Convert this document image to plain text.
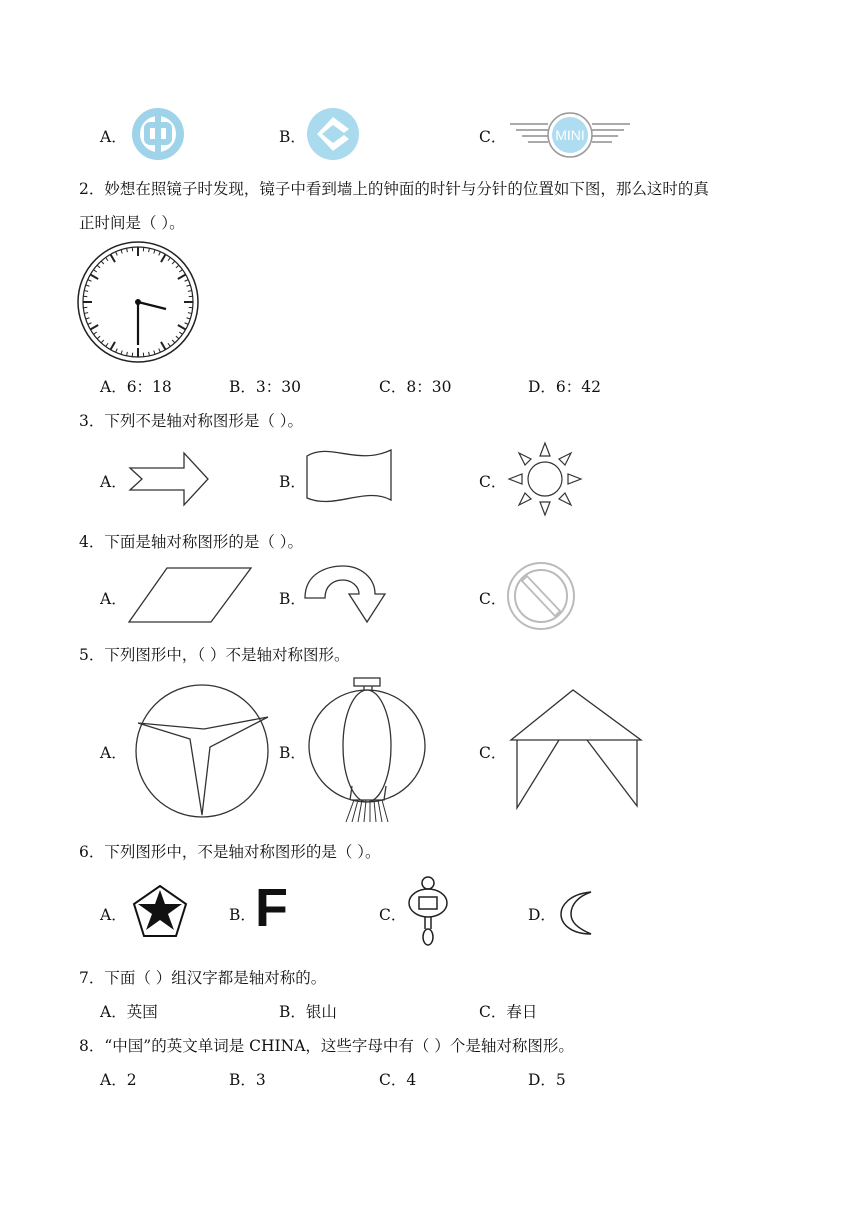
A．	B．	C．	MINI
2．妙想在照镜子时发现，镜子中看到墙上的钟面的时针与分针的位置如下图，那么这时的真
正时间是（ ）。
A．6：18	B．3：30	C．8：30	D．6：42
3．下列不是轴对称图形是（ ）。
A．	B．	C．
4．下面是轴对称图形的是（ ）。
A．	B．	C．
5．下列图形中，（ ）不是轴对称图形。
A．	B．	C．
6．下列图形中，不是轴对称图形的是（ ）。
A．	B． F	C．	D．
7．下面（ ）组汉字都是轴对称的。
A．英国	B．银山	C．春日
8．“中国”的英文单词是 CHINA，这些字母中有（ ）个是轴对称图形。
A．2	B．3	C．4	D．5
